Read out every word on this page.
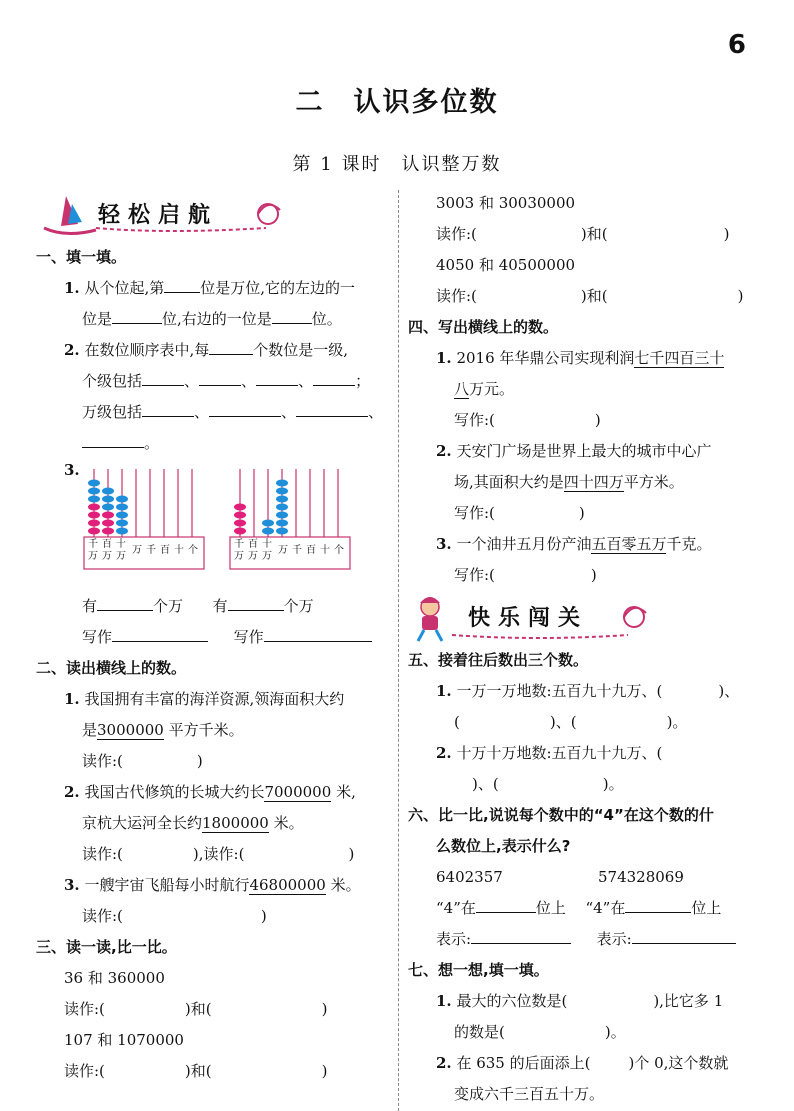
6
二　认识多位数
第 1 课时　认识整万数
轻松启航
一、填一填。
1. 从个位起,第 位是万位,它的左边的一
位是	位,右边的一位是	位。
2. 在数位顺序表中,每	个数位是一级,
个级包括	、	、	、	；
万级包括	、	、	、
。
3.
千万
百万
十万
万 千 百 十 个
千万
百万
十万
万 千 百 十 个
有	个万 有	个万
写作	写作
二、读出横线上的数。
1. 我国拥有丰富的海洋资源,领海面积大约
是3000000 平方千米。
读作:(	)
2. 我国古代修筑的长城大约长7000000 米,
京杭大运河全长约1800000 米。
读作:(	),读作:(	)
3. 一艘宇宙飞船每小时航行46800000 米。
读作:(	)
三、读一读,比一比。
36 和 360000
读作:(	)和(	)
107 和 1070000
读作:(	)和(	)
3003 和 30030000
读作:(	)和(	)
4050 和 40500000
读作:(	)和(	)
四、写出横线上的数。
1. 2016 年华鼎公司实现利润七千四百三十
八万元。
写作:(	)
2. 天安门广场是世界上最大的城市中心广
场,其面积大约是四十四万平方米。
写作:(	)
3. 一个油井五月份产油五百零五万千克。
写作:(	)
快乐闯关
五、接着往后数出三个数。
1. 一万一万地数:五百九十九万、(	)、
(	)、(	)。
2. 十万十万地数:五百九十九万、(
)、(	)。
六、比一比,说说每个数中的“4”在这个数的什
么数位上,表示什么?
6402357	574328069
“4”在	位上 “4”在	位上
表示:	表示:
七、想一想,填一填。
1. 最大的六位数是(	),比它多 1
的数是(	)。
2. 在 635 的后面添上(	)个 0,这个数就
变成六千三百五十万。
